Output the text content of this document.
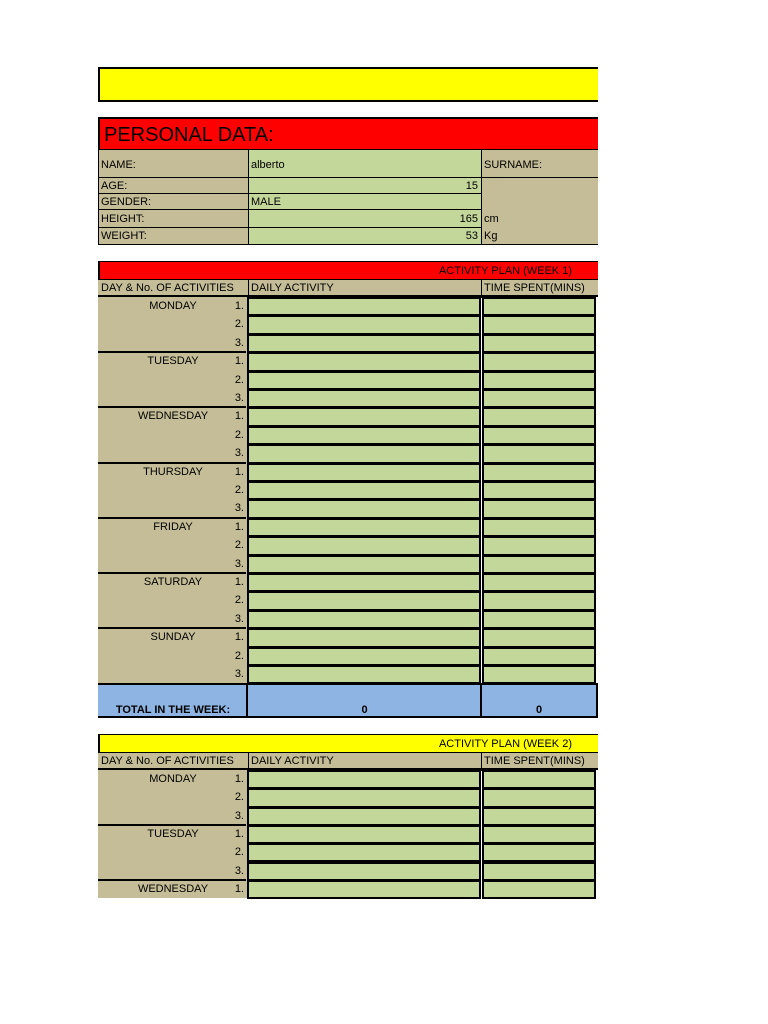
PERSONAL DATA:
NAME:	alberto	SURNAME:
AGE:	15
GENDER:	MALE
HEIGHT:	165 cm
WEIGHT:	53 Kg
ACTIVITY PLAN (WEEK 1)
DAY & No. OF ACTIVITIES	DAILY ACTIVITY	TIME SPENT(MINS)
MONDAY	1.
2.
3.
TUESDAY	1.
2.
3.
WEDNESDAY	1.
2.
3.
THURSDAY	1.
2.
3.
FRIDAY	1.
2.
3.
SATURDAY	1.
2.
3.
SUNDAY	1.
2.
3.
TOTAL IN THE WEEK:	0	0
ACTIVITY PLAN (WEEK 2)
DAY & No. OF ACTIVITIES	DAILY ACTIVITY	TIME SPENT(MINS)
MONDAY	1.
2.
3.
TUESDAY	1.
2.
3.
WEDNESDAY	1.
